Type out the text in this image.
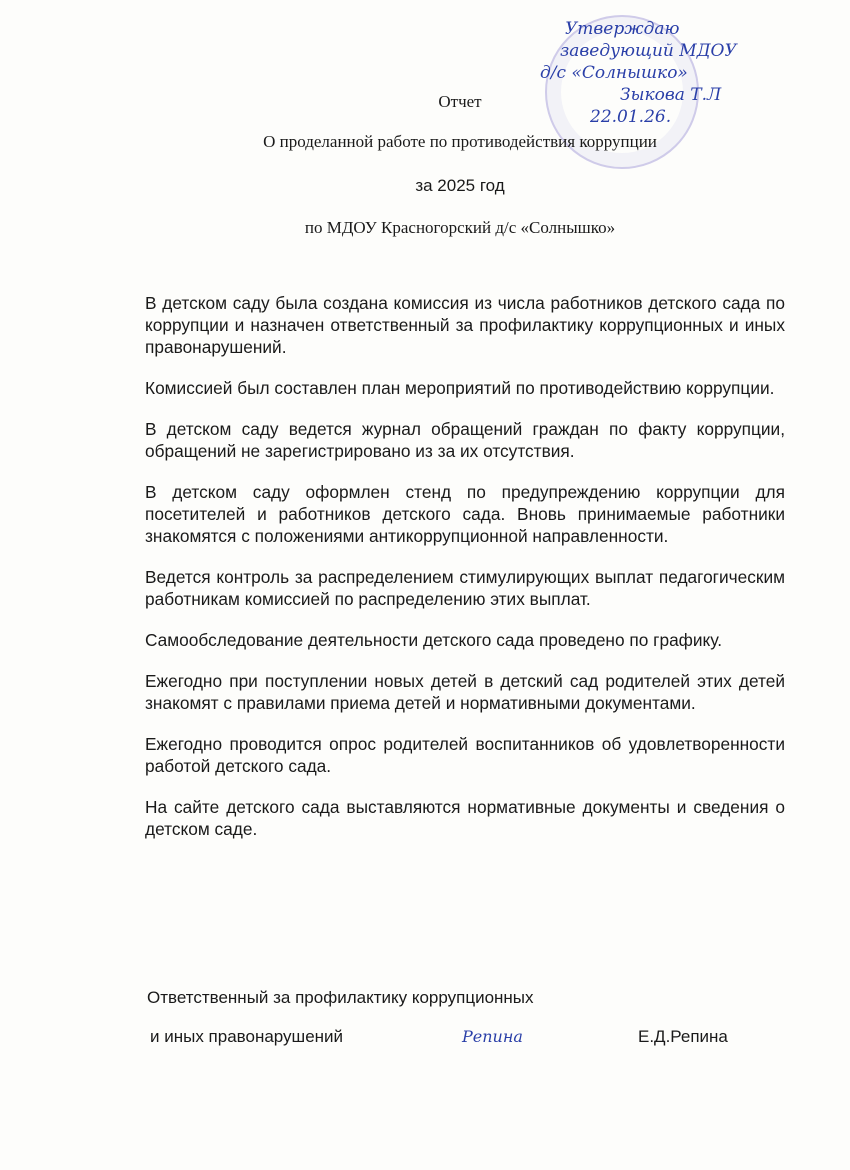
Утверждаю
заведующий МДОУ
д/с «Солнышко»
Зыкова Т.Л
22.01.26.
Отчет
О проделанной работе по противодействия коррупции
за 2025 год
по МДОУ Красногорский д/с «Солнышко»

В детском саду была создана комиссия из числа работников детского сада по коррупции и назначен ответственный за профилактику коррупционных и иных правонарушений.

Комиссией был составлен план мероприятий по противодействию коррупции.

В детском саду ведется журнал обращений граждан по факту коррупции, обращений не зарегистрировано из за их отсутствия.

В детском саду оформлен стенд по предупреждению коррупции для посетителей и работников детского сада. Вновь принимаемые работники знакомятся с положениями антикоррупционной направленности.

Ведется контроль за распределением стимулирующих выплат педагогическим работникам комиссией по распределению этих выплат.

Самообследование деятельности детского сада проведено по графику.

Ежегодно при поступлении новых детей в детский сад родителей этих детей знакомят с правилами приема детей и нормативными документами.

Ежегодно проводится опрос родителей воспитанников об удовлетворенности работой детского сада.

На сайте детского сада выставляются нормативные документы и сведения о детском саде.

Ответственный за профилактику коррупционных
и иных правонарушений	Репина	Е.Д.Репина
